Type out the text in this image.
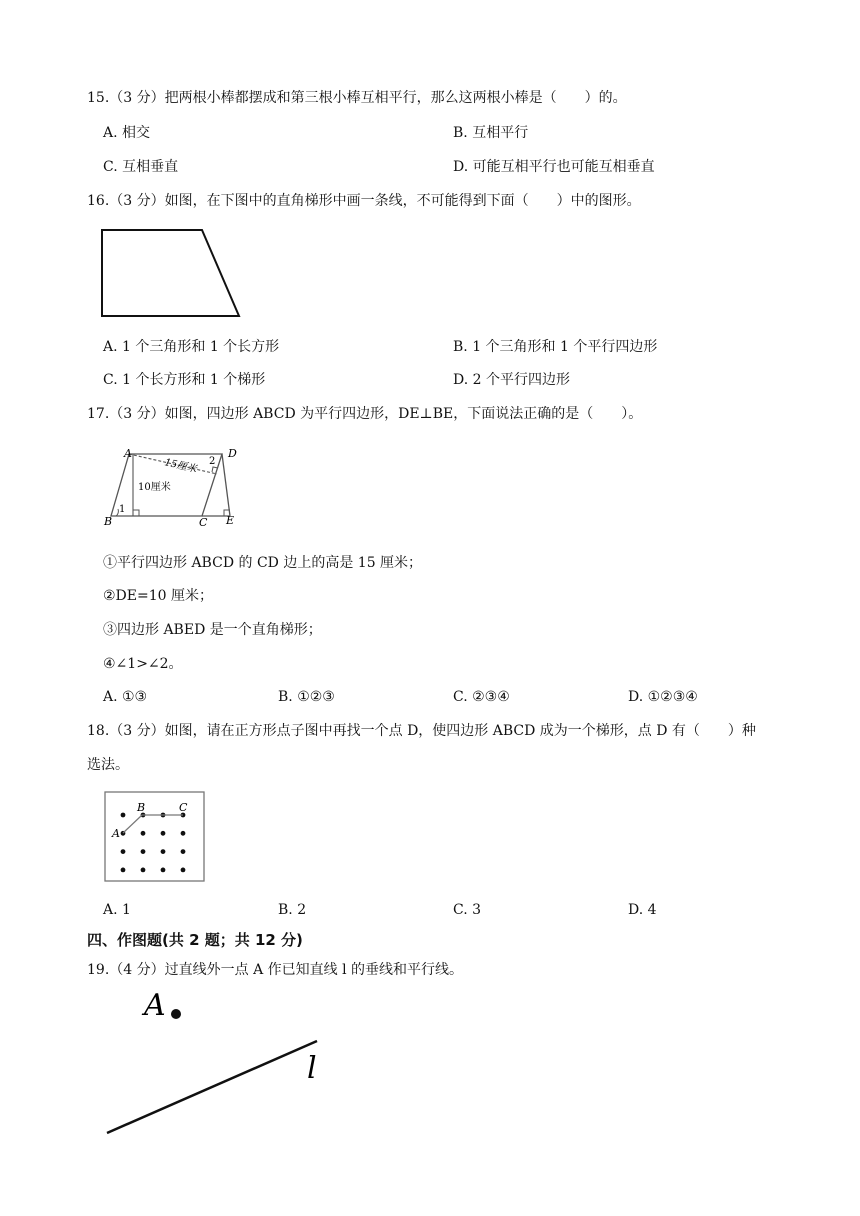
15.（3 分）把两根小棒都摆成和第三根小棒互相平行，那么这两根小棒是（　　）的。
A. 相交	B. 互相平行
C. 互相垂直	D. 可能互相平行也可能互相垂直
16.（3 分）如图，在下图中的直角梯形中画一条线，不可能得到下面（　　）中的图形。
A. 1 个三角形和 1 个长方形	B. 1 个三角形和 1 个平行四边形
C. 1 个长方形和 1 个梯形	D. 2 个平行四边形
17.（3 分）如图，四边形 ABCD 为平行四边形，DE⊥BE，下面说法正确的是（　　）。
A	D
B	C E
1
2
10厘米
15厘米
①平行四边形 ABCD 的 CD 边上的高是 15 厘米；
②DE=10 厘米；
③四边形 ABED 是一个直角梯形；
④∠1>∠2。
A. ①③	B. ①②③	C. ②③④	D. ①②③④
18.（3 分）如图，请在正方形点子图中再找一个点 D，使四边形 ABCD 成为一个梯形，点 D 有（　　）种
选法。
A
B	C
A. 1	B. 2	C. 3	D. 4
四、作图题(共 2 题；共 12 分)
19.（4 分）过直线外一点 A 作已知直线 l 的垂线和平行线。
A
l
